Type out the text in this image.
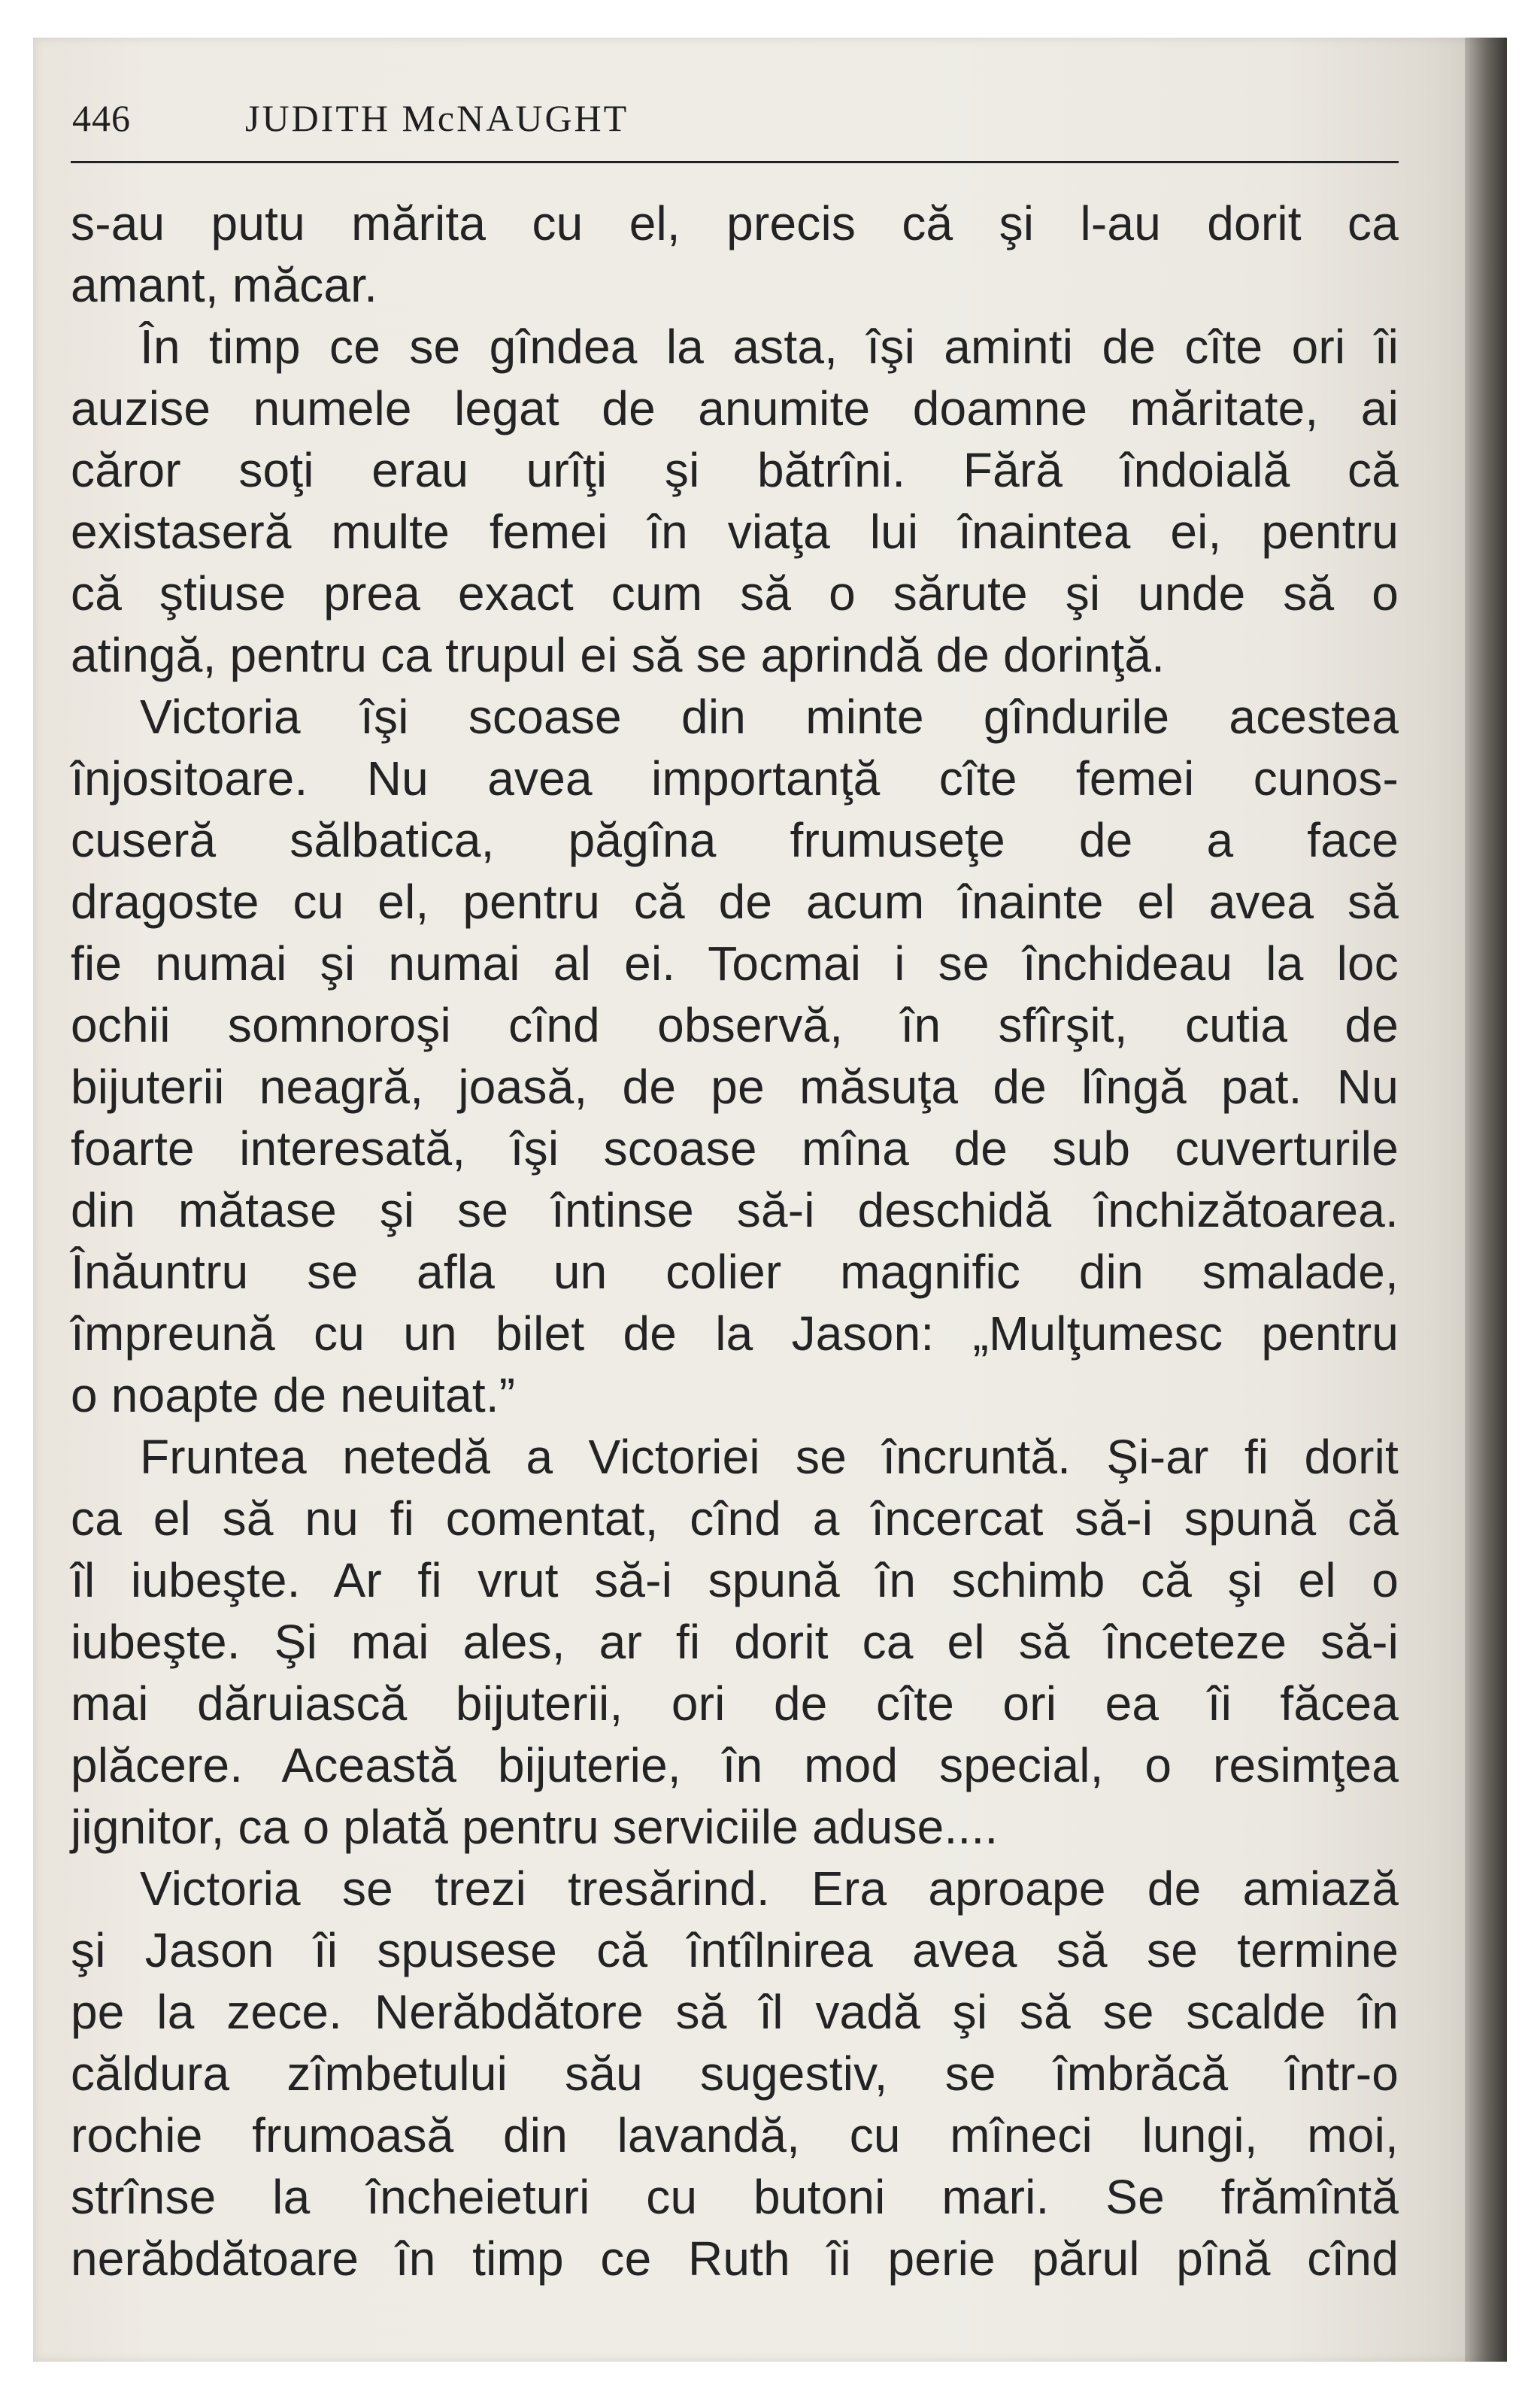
446	JUDITH McNAUGHT
s-au putu mărita cu el, precis că şi l-au dorit ca
amant, măcar.
În timp ce se gîndea la asta, îşi aminti de cîte ori îi
auzise numele legat de anumite doamne măritate, ai
căror soţi erau urîţi şi bătrîni. Fără îndoială că
existaseră multe femei în viaţa lui înaintea ei, pentru
că ştiuse prea exact cum să o sărute şi unde să o
atingă, pentru ca trupul ei să se aprindă de dorinţă.
Victoria îşi scoase din minte gîndurile acestea
înjositoare. Nu avea importanţă cîte femei cunos-
cuseră sălbatica, păgîna frumuseţe de a face
dragoste cu el, pentru că de acum înainte el avea să
fie numai şi numai al ei. Tocmai i se închideau la loc
ochii somnoroşi cînd observă, în sfîrşit, cutia de
bijuterii neagră, joasă, de pe măsuţa de lîngă pat. Nu
foarte interesată, îşi scoase mîna de sub cuverturile
din mătase şi se întinse să-i deschidă închizătoarea.
Înăuntru se afla un colier magnific din smalade,
împreună cu un bilet de la Jason: „Mulţumesc pentru
o noapte de neuitat.”
Fruntea netedă a Victoriei se încruntă. Şi-ar fi dorit
ca el să nu fi comentat, cînd a încercat să-i spună că
îl iubeşte. Ar fi vrut să-i spună în schimb că şi el o
iubeşte. Şi mai ales, ar fi dorit ca el să înceteze să-i
mai dăruiască bijuterii, ori de cîte ori ea îi făcea
plăcere. Această bijuterie, în mod special, o resimţea
jignitor, ca o plată pentru serviciile aduse....
Victoria se trezi tresărind. Era aproape de amiază
şi Jason îi spusese că întîlnirea avea să se termine
pe la zece. Nerăbdătore să îl vadă şi să se scalde în
căldura zîmbetului său sugestiv, se îmbrăcă într-o
rochie frumoasă din lavandă, cu mîneci lungi, moi,
strînse la încheieturi cu butoni mari. Se frămîntă
nerăbdătoare în timp ce Ruth îi perie părul pînă cînd
